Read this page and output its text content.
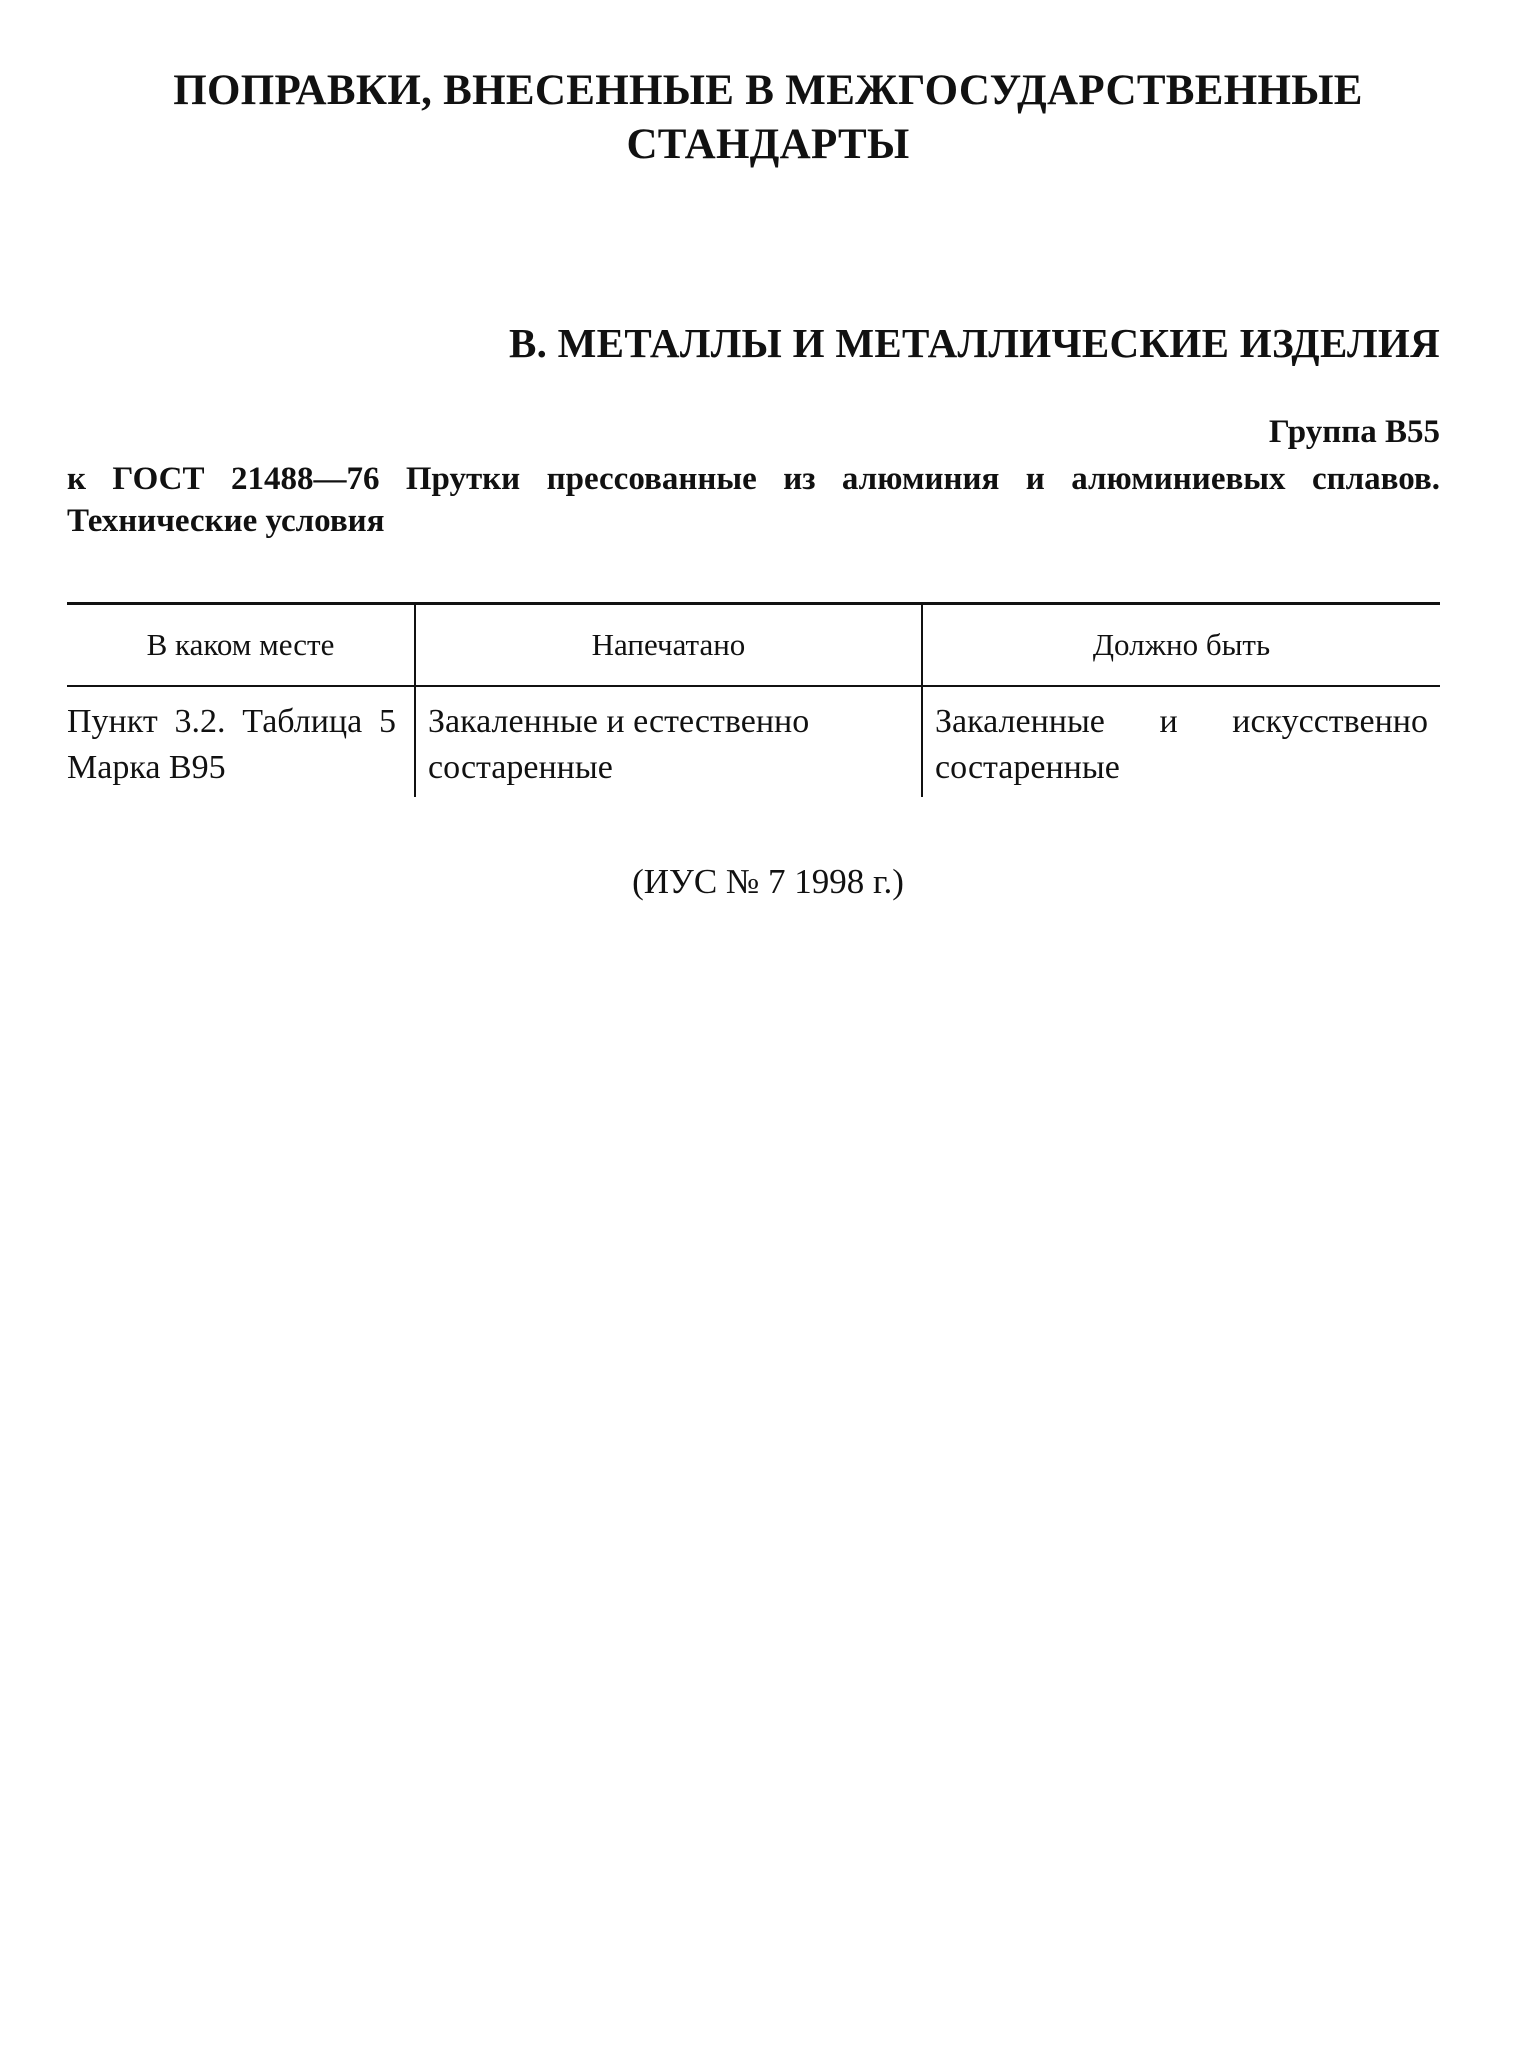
ПОПРАВКИ, ВНЕСЕННЫЕ В МЕЖГОСУДАРСТВЕННЫЕ
СТАНДАРТЫ
В. МЕТАЛЛЫ И МЕТАЛЛИЧЕСКИЕ ИЗДЕЛИЯ
Группа В55
к ГОСТ 21488—76 Прутки прессованные из алюминия и алюминиевых сплавов. Технические условия
В каком месте	Напечатано	Должно быть
Пункт 3.2. Таблица 5 Марка В95	Закаленные и естественно состаренные	Закаленные и искусственно состаренные
(ИУС № 7 1998 г.)
